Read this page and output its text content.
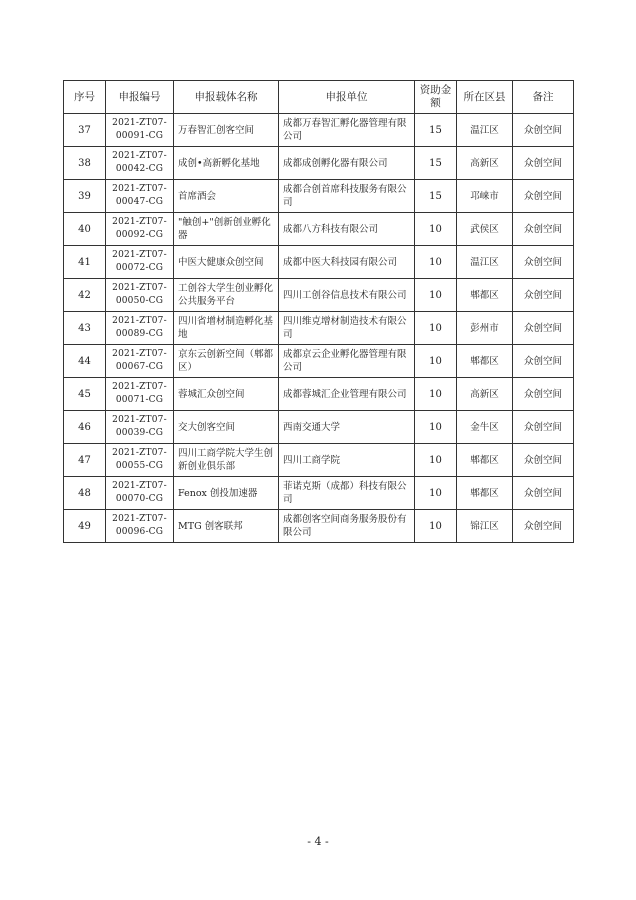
序号	申报编号	申报载体名称	申报单位	资助金额	所在区县	备注
37	2021-ZT07-00091-CG	万春智汇创客空间	成都万春智汇孵化器管理有限公司	15	温江区	众创空间
38	2021-ZT07-00042-CG	成创•高新孵化基地	成都成创孵化器有限公司	15	高新区	众创空间
39	2021-ZT07-00047-CG	首席酒会	成都合创首席科技服务有限公司	15	邛崃市	众创空间
40	2021-ZT07-00092-CG	"触创+"创新创业孵化器	成都八方科技有限公司	10	武侯区	众创空间
41	2021-ZT07-00072-CG	中医大健康众创空间	成都中医大科技园有限公司	10	温江区	众创空间
42	2021-ZT07-00050-CG	工创谷大学生创业孵化公共服务平台	四川工创谷信息技术有限公司	10	郫都区	众创空间
43	2021-ZT07-00089-CG	四川省增材制造孵化基地	四川维克增材制造技术有限公司	10	彭州市	众创空间
44	2021-ZT07-00067-CG	京东云创新空间（郫都区）	成都京云企业孵化器管理有限公司	10	郫都区	众创空间
45	2021-ZT07-00071-CG	蓉城汇众创空间	成都蓉城汇企业管理有限公司	10	高新区	众创空间
46	2021-ZT07-00039-CG	交大创客空间	西南交通大学	10	金牛区	众创空间
47	2021-ZT07-00055-CG	四川工商学院大学生创新创业俱乐部	四川工商学院	10	郫都区	众创空间
48	2021-ZT07-00070-CG	Fenox 创投加速器	菲诺克斯（成都）科技有限公司	10	郫都区	众创空间
49	2021-ZT07-00096-CG	MTG 创客联邦	成都创客空间商务服务股份有限公司	10	锦江区	众创空间
- 4 -
